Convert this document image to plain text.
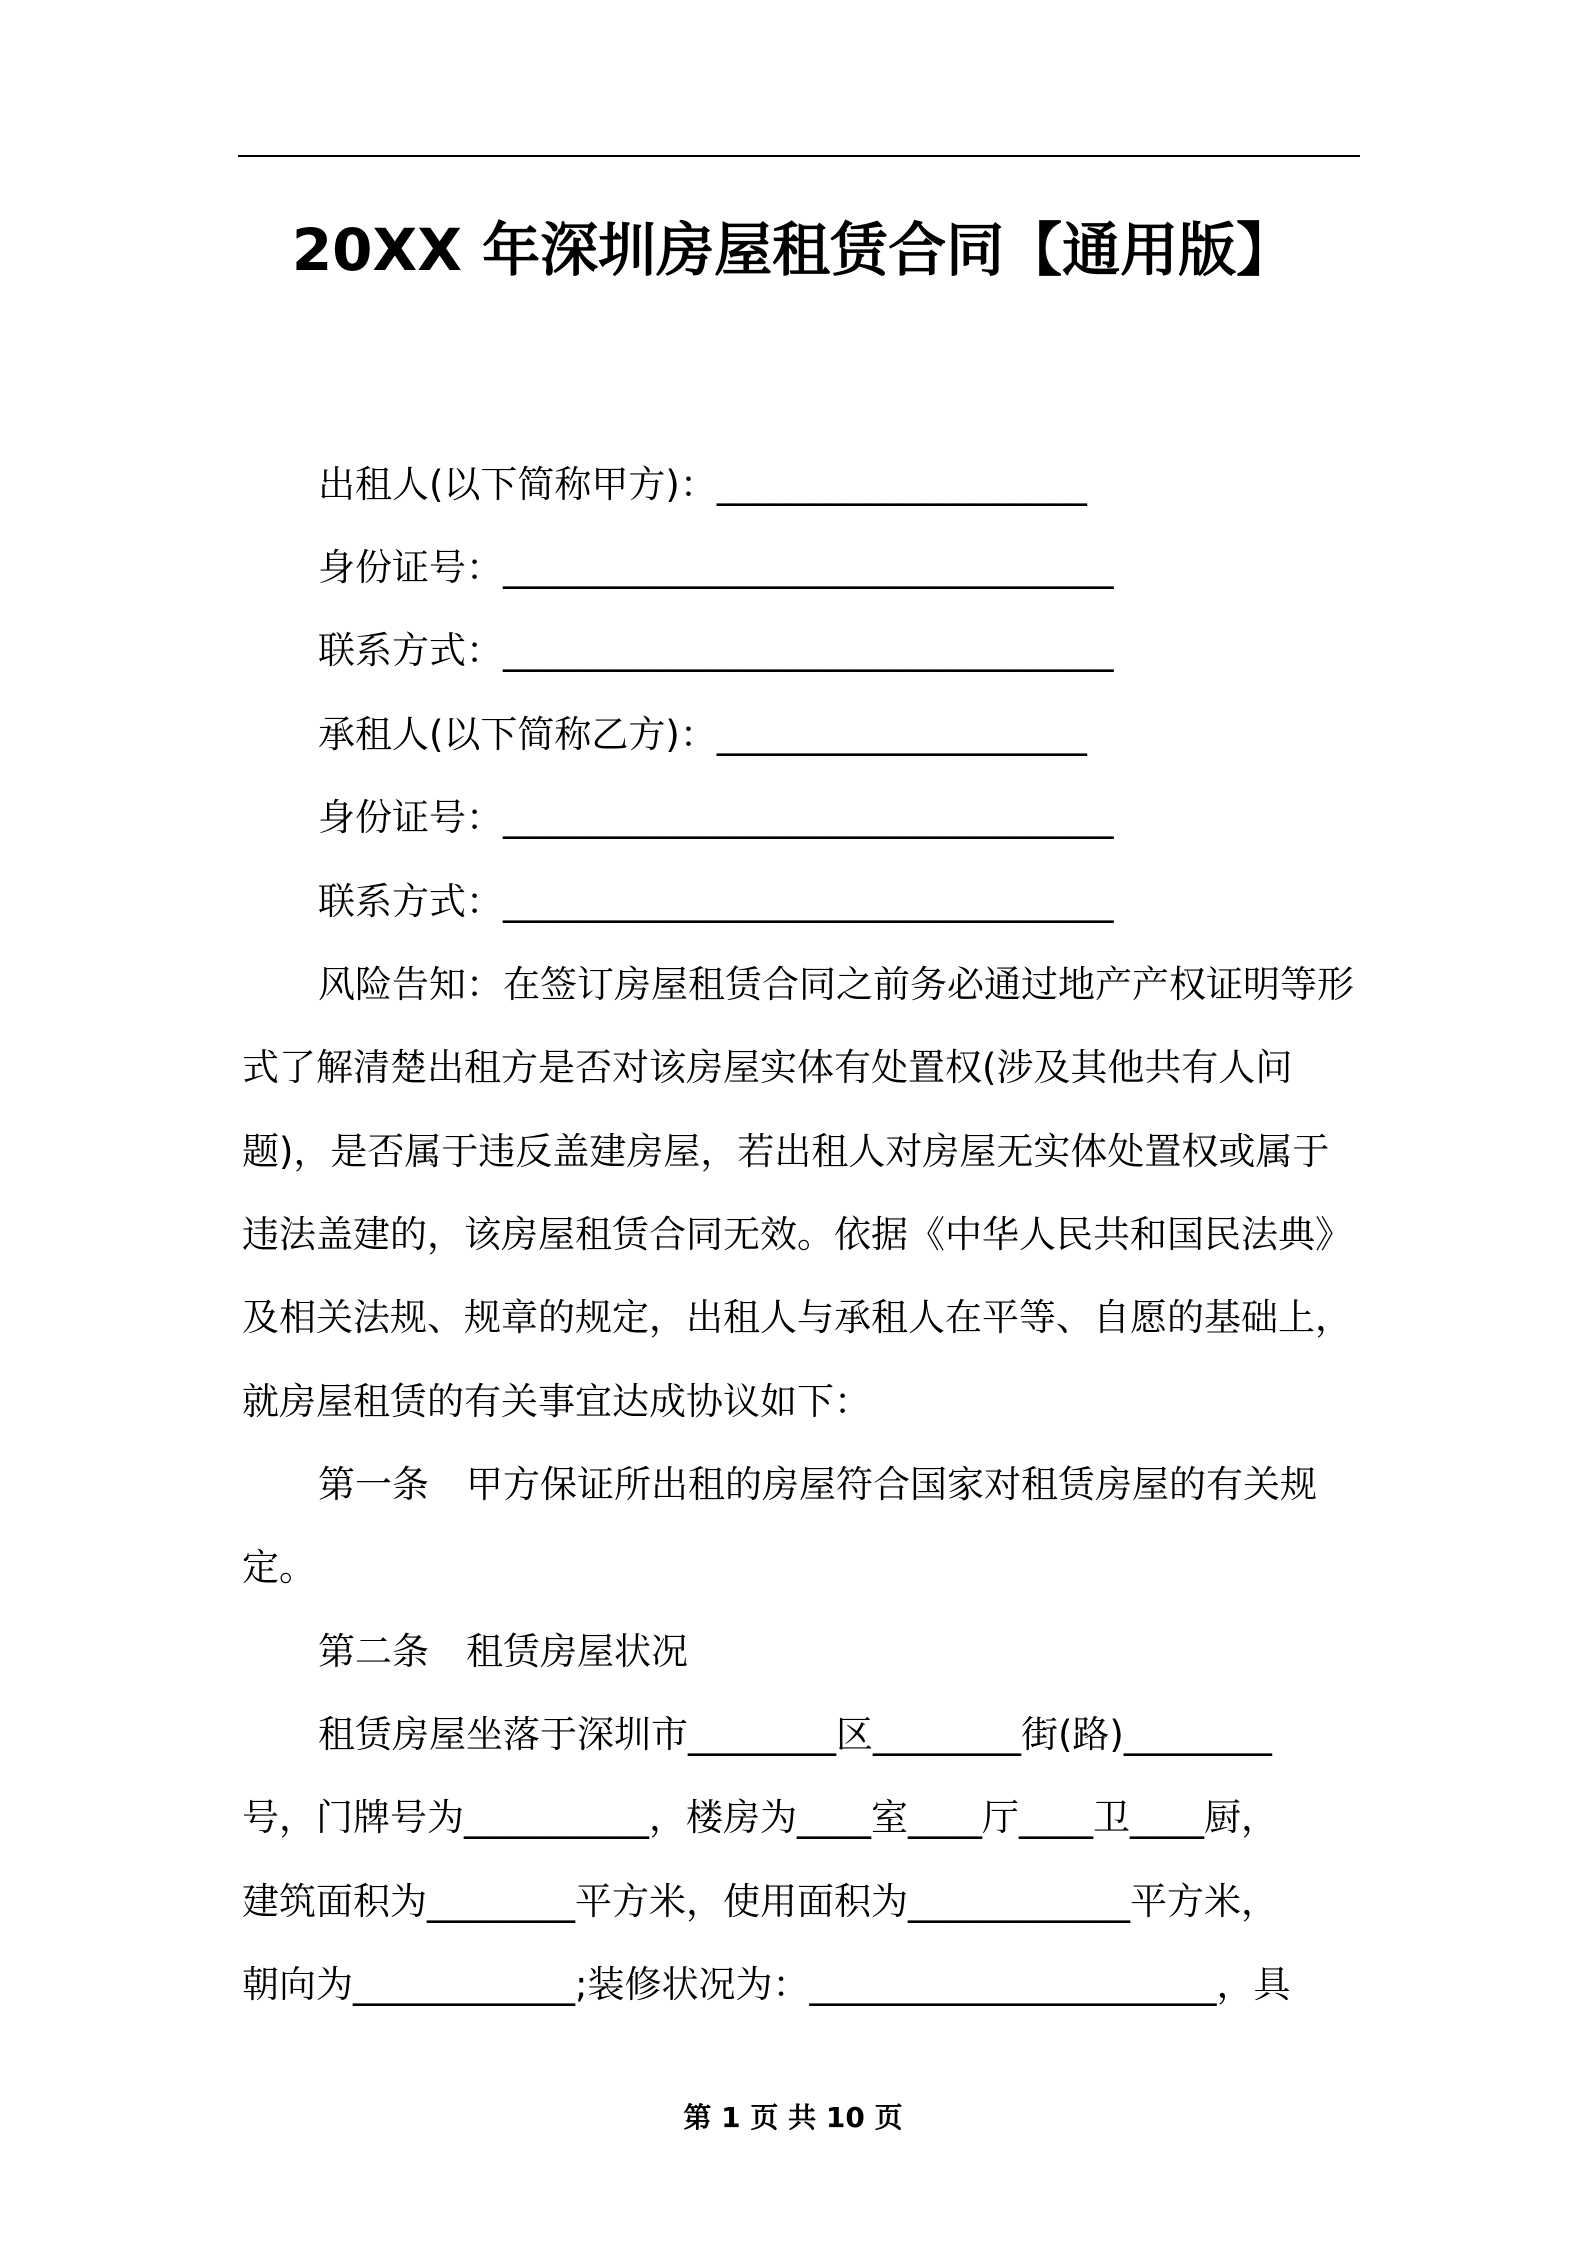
20XX 年深圳房屋租赁合同【通用版】
出租人(以下简称甲方)：____________________
身份证号：_________________________________
联系方式：_________________________________
承租人(以下简称乙方)：____________________
身份证号：_________________________________
联系方式：_________________________________
风险告知：在签订房屋租赁合同之前务必通过地产产权证明等形
式了解清楚出租方是否对该房屋实体有处置权(涉及其他共有人问
题)，是否属于违反盖建房屋，若出租人对房屋无实体处置权或属于
违法盖建的，该房屋租赁合同无效。依据《中华人民共和国民法典》
及相关法规、规章的规定，出租人与承租人在平等、自愿的基础上，
就房屋租赁的有关事宜达成协议如下：
第一条　甲方保证所出租的房屋符合国家对租赁房屋的有关规
定。
第二条　租赁房屋状况
租赁房屋坐落于深圳市________区________街(路)________
号，门牌号为__________，楼房为____室____厅____卫____厨，
建筑面积为________平方米，使用面积为____________平方米，
朝向为____________;装修状况为：______________________，具
第 1 页 共 10 页
